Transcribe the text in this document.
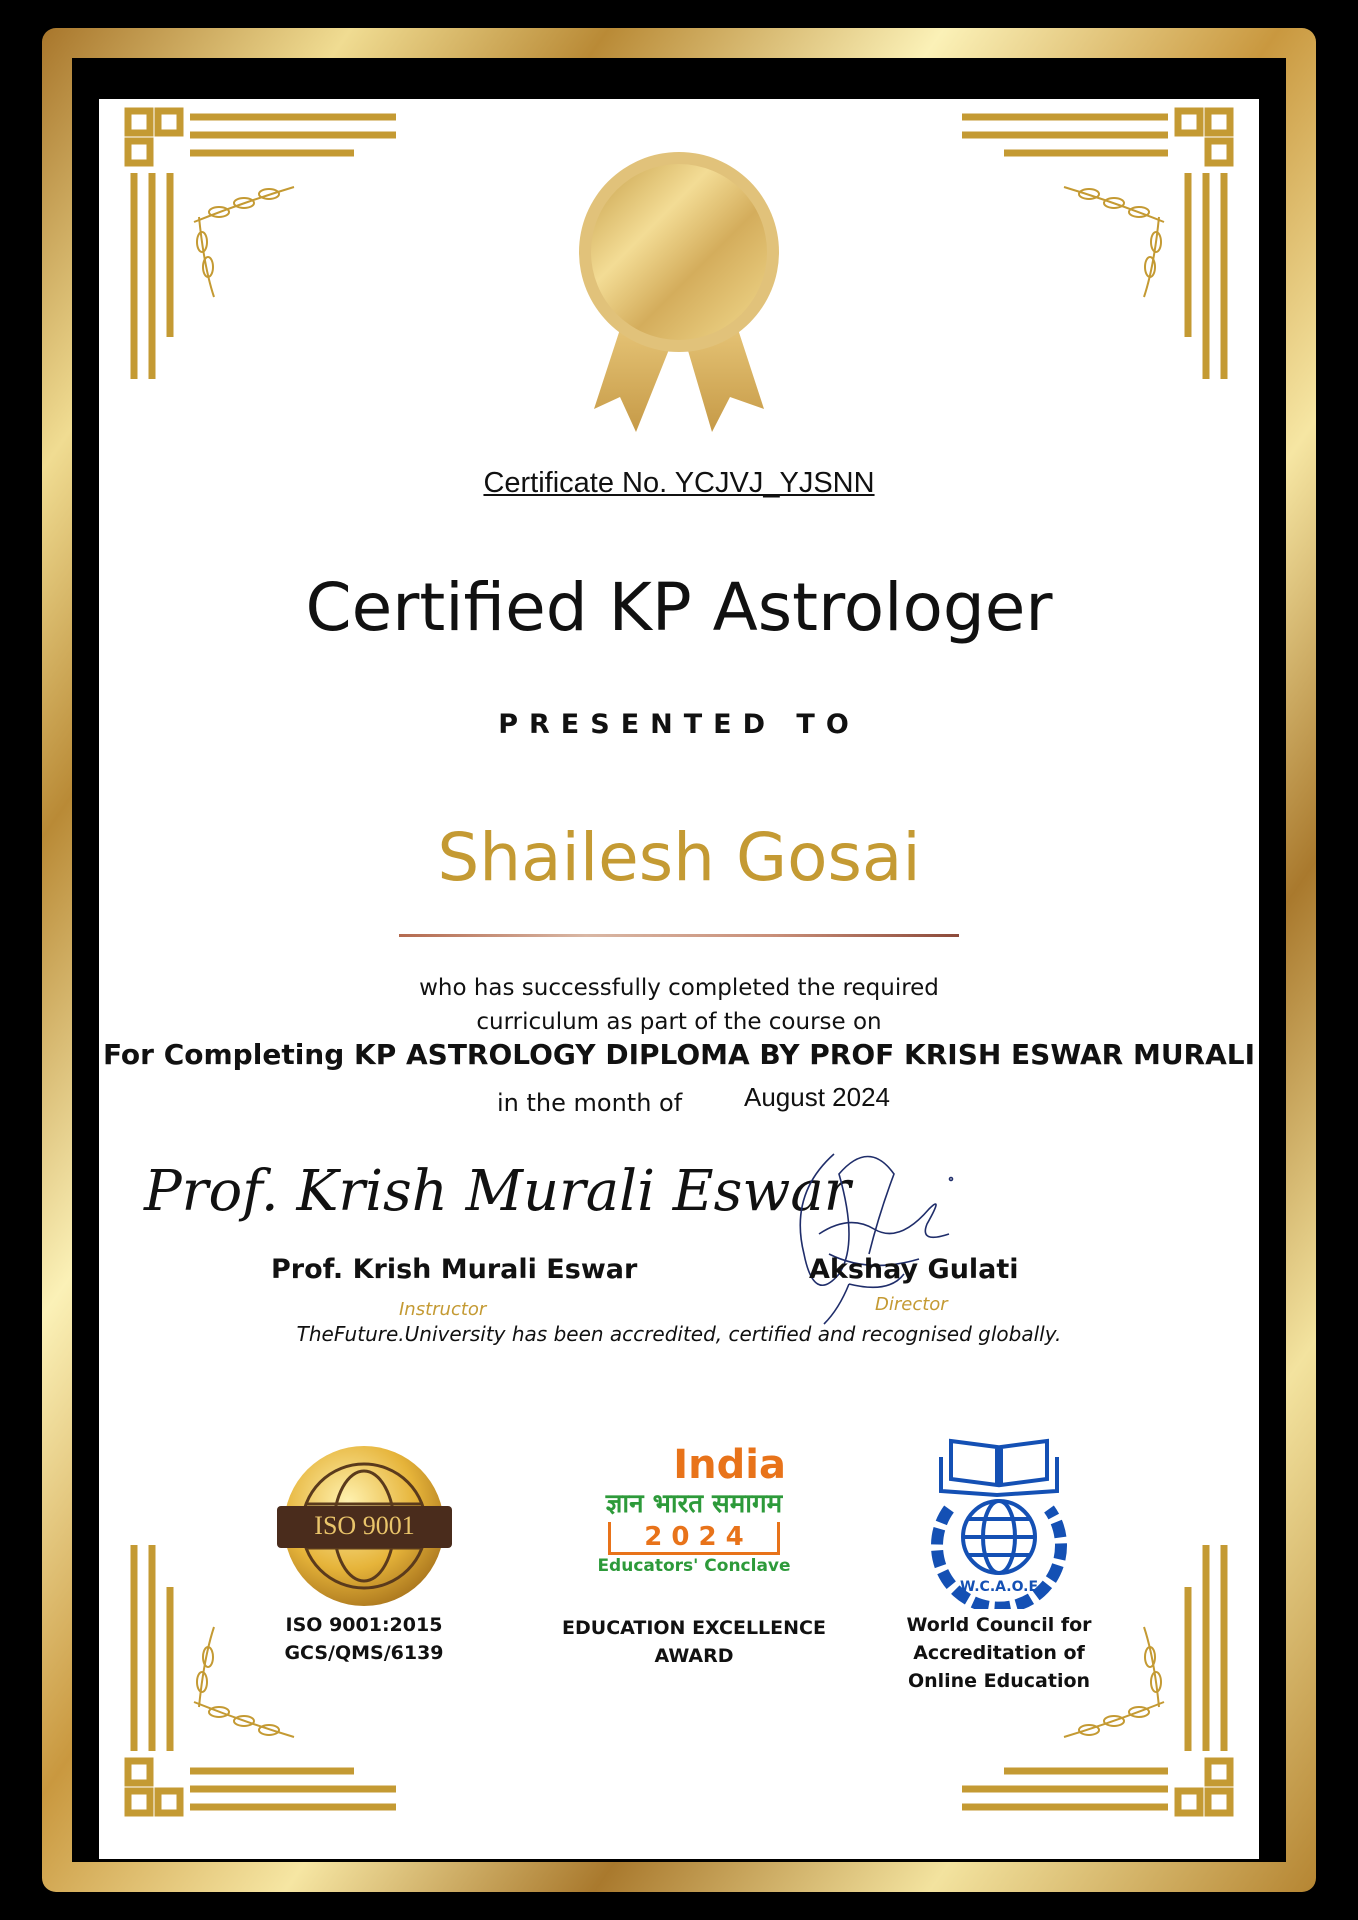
Certificate No. YCJVJ_YJSNN
Certified KP Astrologer
PRESENTED TO
Shailesh Gosai
who has successfully completed the required
curriculum as part of the course on
For Completing KP ASTROLOGY DIPLOMA BY PROF KRISH ESWAR MURALI
in the month of August 2024
Prof. Krish Murali Eswar
Prof. Krish Murali Eswar
Instructor
Akshay Gulati
Director
TheFuture.University has been accredited, certified and recognised globally.
ISO 9001
ISO 9001:2015
GCS/QMS/6139
India
ज्ञान भारत समागम
2 0 2 4
Educators' Conclave
EDUCATION EXCELLENCE
AWARD
W.C.A.O.E
World Council for
Accreditation of
Online Education
